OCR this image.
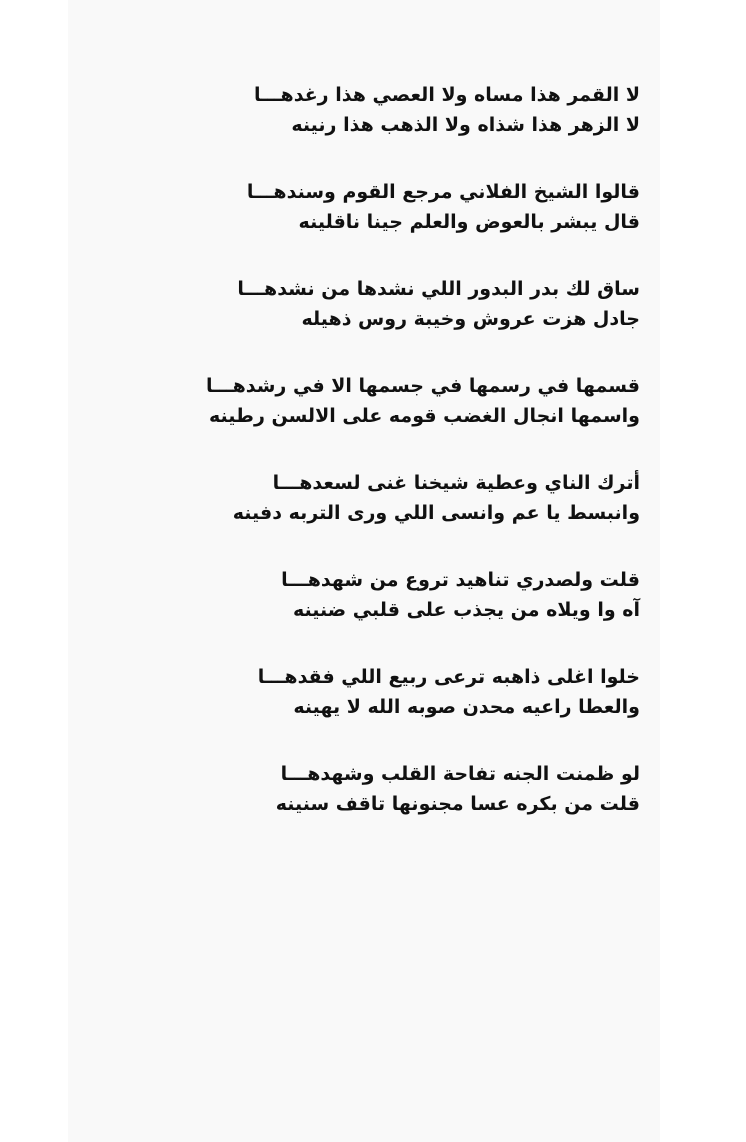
لا القمر هذا مساه ولا العصي هذا رغدهـــا
لا الزهر هذا شذاه ولا الذهب هذا رنينه
قالوا الشيخ الفلاني مرجع القوم وسندهـــا
قال يبشر بالعوض والعلم جينا ناقلينه
ساق لك بدر البدور اللي نشدها من نشدهـــا
جادل هزت عروش وخيبة روس ذهيله
قسمها في رسمها في جسمها الا في رشدهـــا
واسمها انجال الغضب قومه على الالسن رطينه
أترك الناي وعطية شيخنا غنى لسعدهـــا
وانبسط يا عم وانسى اللي ورى التربه دفينه
قلت ولصدري تناهيد تروع من شهدهـــا
آه وا ويلاه من يجذب على قلبي ضنينه
خلوا اغلى ذاهبه ترعى ربيع اللي فقدهـــا
والعطا راعيه محدن صوبه الله لا يهينه
لو ظمنت الجنه تفاحة القلب وشهدهـــا
قلت من بكره عسا مجنونها تاقف سنينه
